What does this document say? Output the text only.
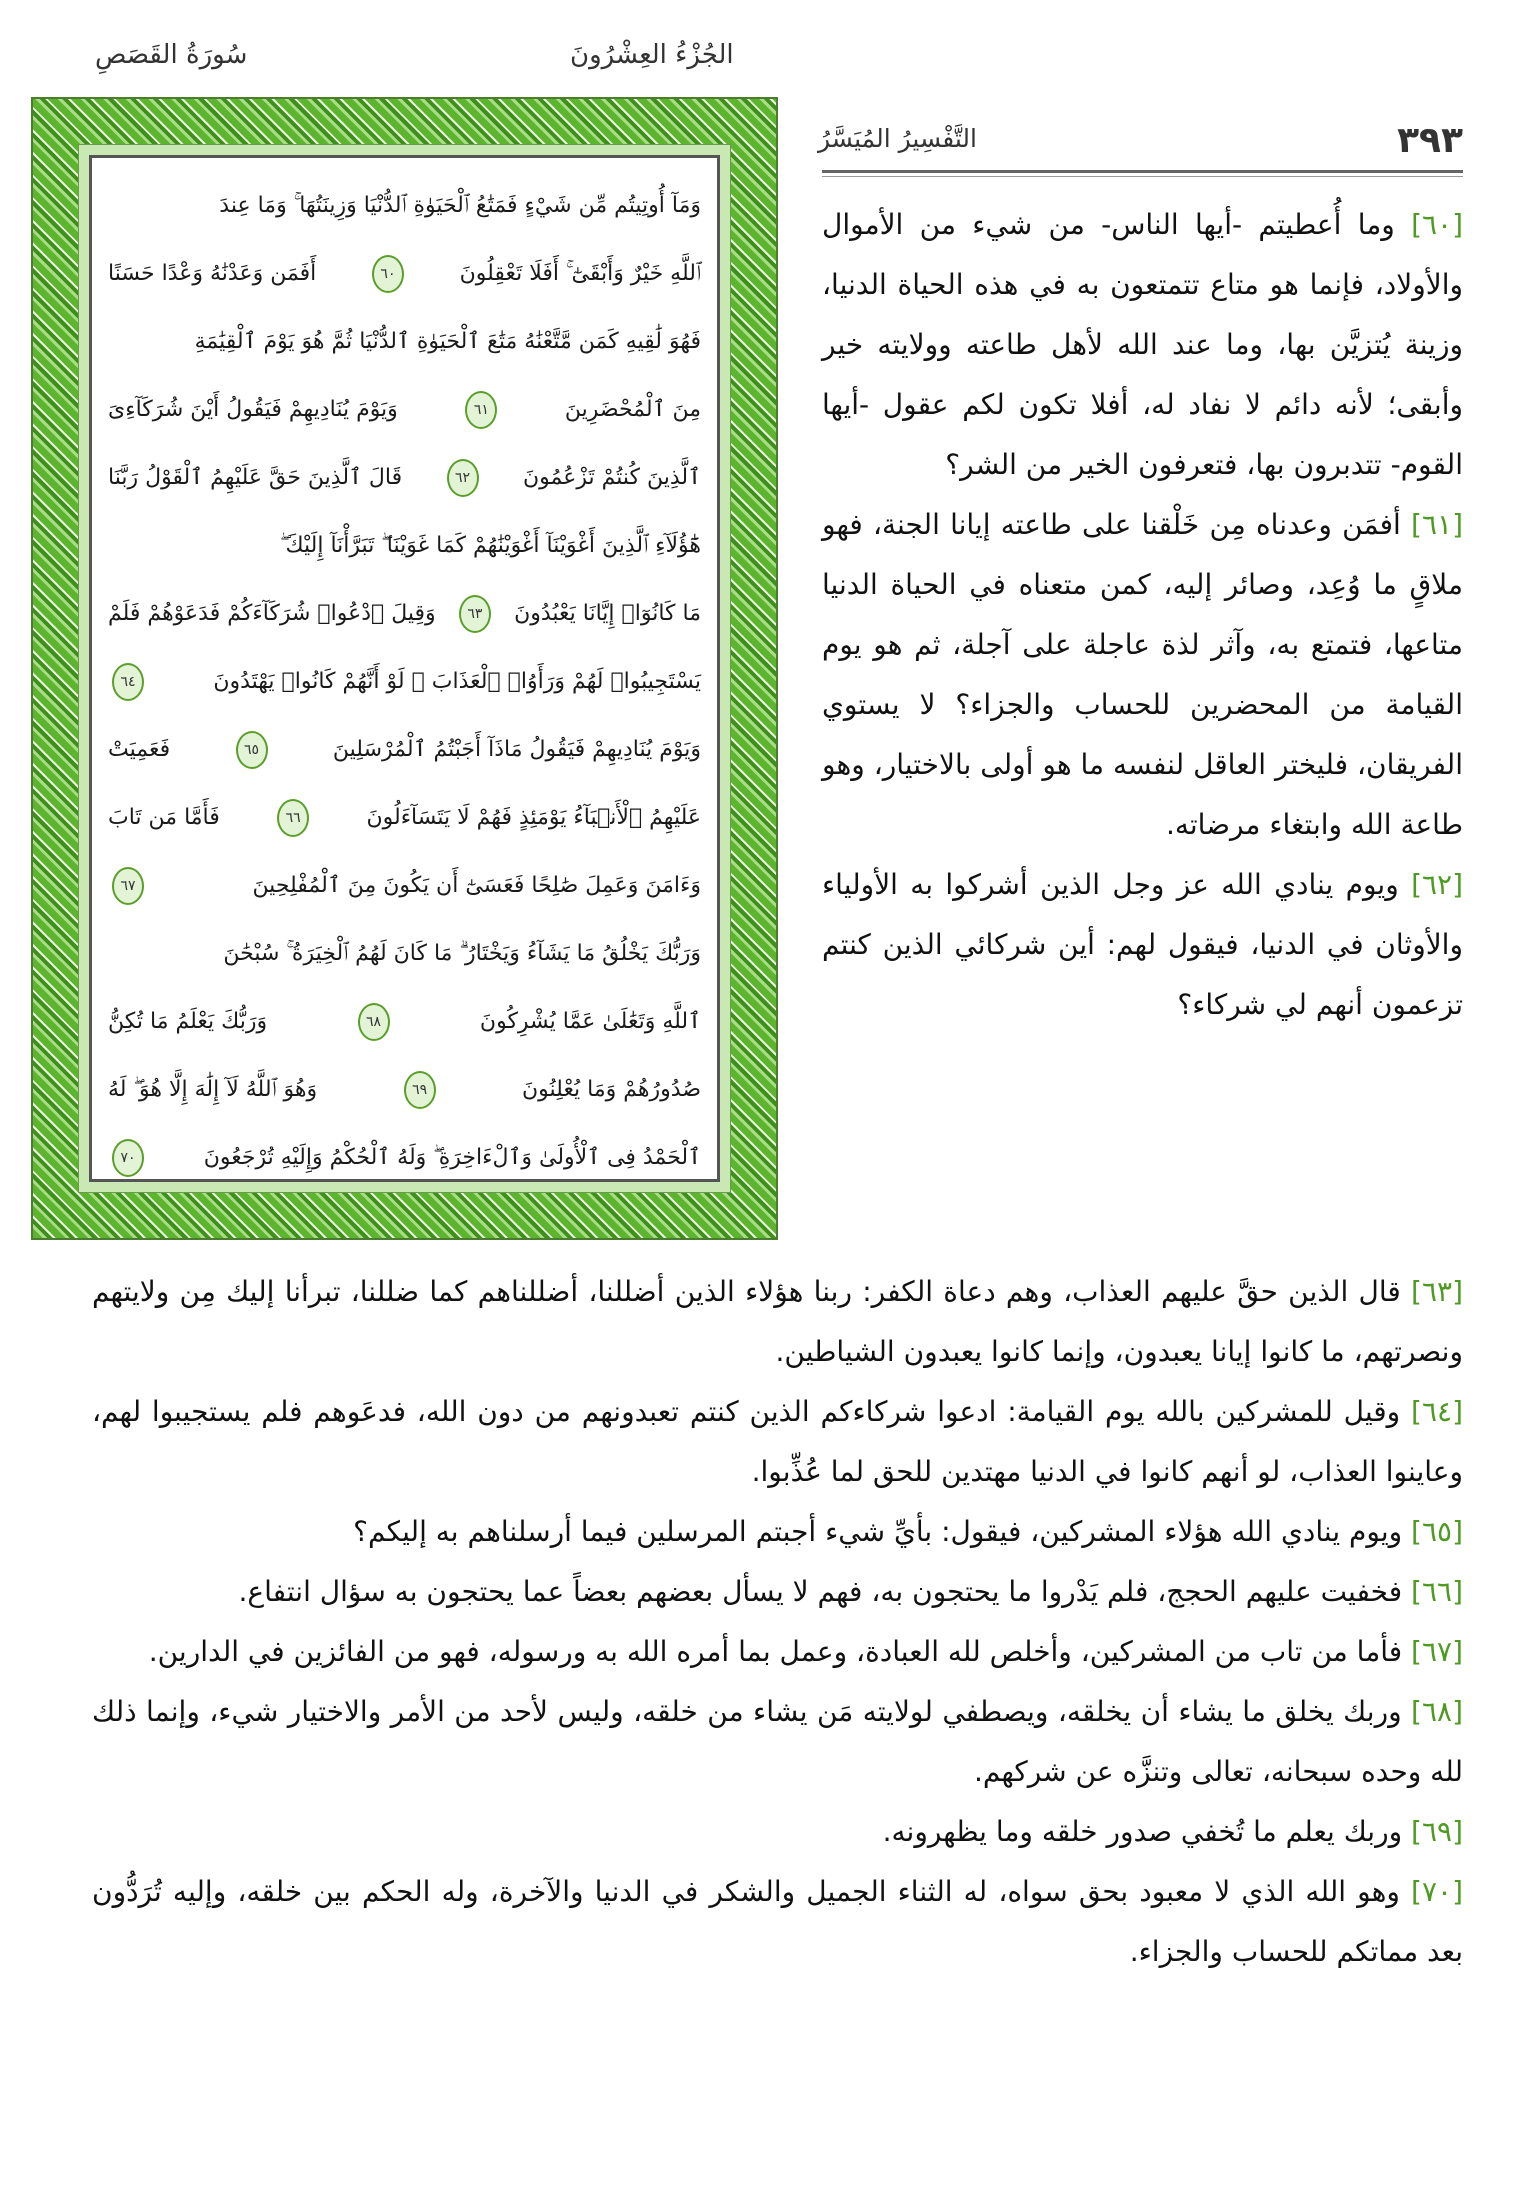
الجُزْءُ العِشْرُونَ
سُورَةُ القَصَصِ
٣٩٣
التَّفْسِيرُ المُيَسَّرُ
وَمَآ أُوتِيتُم مِّن شَيْءٍ فَمَتَٰعُ ٱلْحَيَوٰةِ ٱلدُّنْيَا وَزِينَتُهَا ۚ وَمَا عِندَ
ٱللَّهِ خَيْرٌ وَأَبْقَىٰٓ ۚ أَفَلَا تَعْقِلُونَ
٦٠
أَفَمَن وَعَدْنَٰهُ وَعْدًا حَسَنًا
فَهُوَ لَٰقِيهِ كَمَن مَّتَّعْنَٰهُ مَتَٰعَ ٱلْحَيَوٰةِ ٱلدُّنْيَا ثُمَّ هُوَ يَوْمَ ٱلْقِيَٰمَةِ
مِنَ ٱلْمُحْضَرِينَ
٦١
وَيَوْمَ يُنَادِيهِمْ فَيَقُولُ أَيْنَ شُرَكَآءِىَ
ٱلَّذِينَ كُنتُمْ تَزْعُمُونَ
٦٢
قَالَ ٱلَّذِينَ حَقَّ عَلَيْهِمُ ٱلْقَوْلُ رَبَّنَا
هَٰٓؤُلَآءِ ٱلَّذِينَ أَغْوَيْنَآ أَغْوَيْنَٰهُمْ كَمَا غَوَيْنَا ۖ تَبَرَّأْنَآ إِلَيْكَ ۖ
مَا كَانُوٓا۟ إِيَّانَا يَعْبُدُونَ
٦٣
وَقِيلَ ٱدْعُوا۟ شُرَكَآءَكُمْ فَدَعَوْهُمْ فَلَمْ
يَسْتَجِيبُوا۟ لَهُمْ وَرَأَوُا۟ ٱلْعَذَابَ ۚ لَوْ أَنَّهُمْ كَانُوا۟ يَهْتَدُونَ
٦٤
وَيَوْمَ يُنَادِيهِمْ فَيَقُولُ مَاذَآ أَجَبْتُمُ ٱلْمُرْسَلِينَ
٦٥
فَعَمِيَتْ
عَلَيْهِمُ ٱلْأَنۢبَآءُ يَوْمَئِذٍ فَهُمْ لَا يَتَسَآءَلُونَ
٦٦
فَأَمَّا مَن تَابَ
وَءَامَنَ وَعَمِلَ صَٰلِحًا فَعَسَىٰٓ أَن يَكُونَ مِنَ ٱلْمُفْلِحِينَ
٦٧
وَرَبُّكَ يَخْلُقُ مَا يَشَآءُ وَيَخْتَارُ ۗ مَا كَانَ لَهُمُ ٱلْخِيَرَةُ ۚ سُبْحَٰنَ
ٱللَّهِ وَتَعَٰلَىٰ عَمَّا يُشْرِكُونَ
٦٨
وَرَبُّكَ يَعْلَمُ مَا تُكِنُّ
صُدُورُهُمْ وَمَا يُعْلِنُونَ
٦٩
وَهُوَ ٱللَّهُ لَآ إِلَٰهَ إِلَّا هُوَ ۖ لَهُ
ٱلْحَمْدُ فِى ٱلْأُولَىٰ وَٱلْءَاخِرَةِ ۖ وَلَهُ ٱلْحُكْمُ وَإِلَيْهِ تُرْجَعُونَ
٧٠

[٦٠] وما أُعطيتم -أيها الناس- من شيء من الأموال والأولاد، فإنما هو متاع تتمتعون به في هذه الحياة الدنيا، وزينة يُتزيَّن بها، وما عند الله لأهل طاعته وولايته خير وأبقى؛ لأنه دائم لا نفاد له، أفلا تكون لكم عقول -أيها القوم- تتدبرون بها، فتعرفون الخير من الشر؟

[٦١] أفمَن وعدناه مِن خَلْقنا على طاعته إيانا الجنة، فهو ملاقٍ ما وُعِد، وصائر إليه، كمن متعناه في الحياة الدنيا متاعها، فتمتع به، وآثر لذة عاجلة على آجلة، ثم هو يوم القيامة من المحضرين للحساب والجزاء؟ لا يستوي الفريقان، فليختر العاقل لنفسه ما هو أولى بالاختيار، وهو طاعة الله وابتغاء مرضاته.

[٦٢] ويوم ينادي الله عز وجل الذين أشركوا به الأولياء والأوثان في الدنيا، فيقول لهم: أين شركائي الذين كنتم تزعمون أنهم لي شركاء؟

[٦٣] قال الذين حقَّ عليهم العذاب، وهم دعاة الكفر: ربنا هؤلاء الذين أضللنا، أضللناهم كما ضللنا، تبرأنا إليك مِن ولايتهم ونصرتهم، ما كانوا إيانا يعبدون، وإنما كانوا يعبدون الشياطين.

[٦٤] وقيل للمشركين بالله يوم القيامة: ادعوا شركاءكم الذين كنتم تعبدونهم من دون الله، فدعَوهم فلم يستجيبوا لهم، وعاينوا العذاب، لو أنهم كانوا في الدنيا مهتدين للحق لما عُذِّبوا.

[٦٥] ويوم ينادي الله هؤلاء المشركين، فيقول: بأيِّ شيء أجبتم المرسلين فيما أرسلناهم به إليكم؟

[٦٦] فخفيت عليهم الحجج، فلم يَدْروا ما يحتجون به، فهم لا يسأل بعضهم بعضاً عما يحتجون به سؤال انتفاع.

[٦٧] فأما من تاب من المشركين، وأخلص لله العبادة، وعمل بما أمره الله به ورسوله، فهو من الفائزين في الدارين.

[٦٨] وربك يخلق ما يشاء أن يخلقه، ويصطفي لولايته مَن يشاء من خلقه، وليس لأحد من الأمر والاختيار شيء، وإنما ذلك لله وحده سبحانه، تعالى وتنزَّه عن شركهم.

[٦٩] وربك يعلم ما تُخفي صدور خلقه وما يظهرونه.

[٧٠] وهو الله الذي لا معبود بحق سواه، له الثناء الجميل والشكر في الدنيا والآخرة، وله الحكم بين خلقه، وإليه تُرَدُّون بعد مماتكم للحساب والجزاء.
